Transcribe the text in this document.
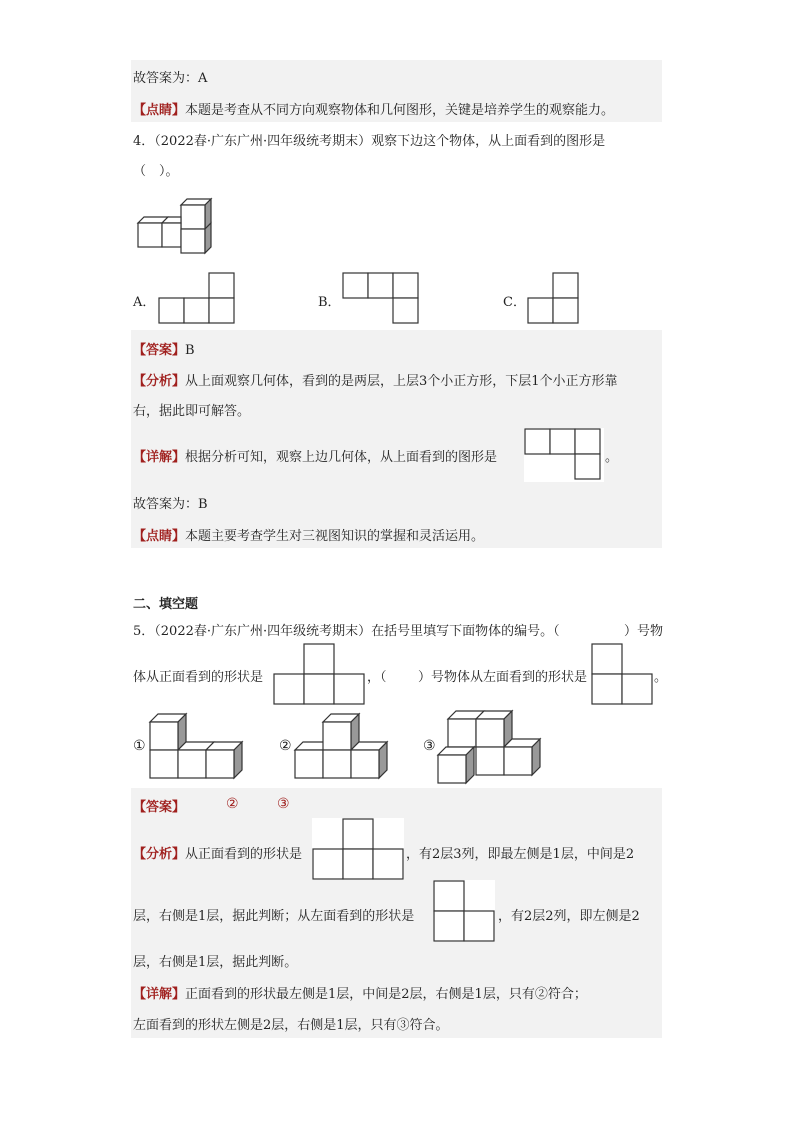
故答案为：A
【点睛】本题是考查从不同方向观察物体和几何图形，关键是培养学生的观察能力。
4．（2022春·广东广州·四年级统考期末）观察下边这个物体，从上面看到的图形是
（　）。
A．	B．	C．
【答案】B
【分析】从上面观察几何体，看到的是两层，上层3个小正方形，下层1个小正方形靠
右，据此即可解答。
【详解】根据分析可知，观察上边几何体，从上面看到的图形是	。
故答案为：B
【点睛】本题主要考查学生对三视图知识的掌握和灵活运用。
二、填空题
5．（2022春·广东广州·四年级统考期末）在括号里填写下面物体的编号。（	）号物
体从正面看到的形状是	，（ ）号物体从左面看到的形状是	。
①	②	③
【答案】	②	③
【分析】从正面看到的形状是	，有2层3列，即最左侧是1层，中间是2
层，右侧是1层，据此判断；从左面看到的形状是	，有2层2列，即左侧是2
层，右侧是1层，据此判断。
【详解】正面看到的形状最左侧是1层，中间是2层，右侧是1层，只有②符合；
左面看到的形状左侧是2层，右侧是1层，只有③符合。
